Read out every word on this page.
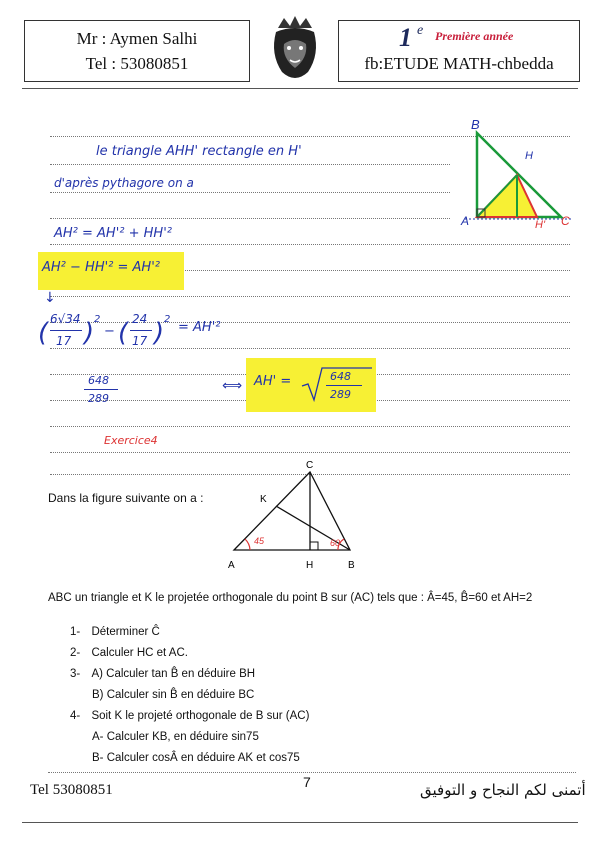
Mr : Aymen Salhi
Tel : 53080851
1 e Première année
fb:ETUDE MATH-chbedda
B
H
A	H' C
le triangle AHH' rectangle en H'
d'après pythagore on a
AH² = AH'² + HH'²
AH² − HH'² = AH'²
↓
( 6√34
17 ) 2
− ( 24
17 ) 2
= AH'²
648
289
⟺ AH' =	648
289
Exercice4
Dans la figure suivante on a :
C
K
A	H	B
45	60
ABC un triangle et K le projetée orthogonale du point B sur (AC) tels que : Â=45, B̂=60 et AH=2
1- Déterminer Ĉ
2- Calculer HC et AC.
3- A) Calculer tan B̂ en déduire BH
B) Calculer sin B̂ en déduire BC
4- Soit K le projeté orthogonale de B sur (AC)
A- Calculer KB, en déduire sin75
B- Calculer cosÂ en déduire AK et cos75
Tel 53080851	7	أتمنى لكم النجاح و التوفيق
